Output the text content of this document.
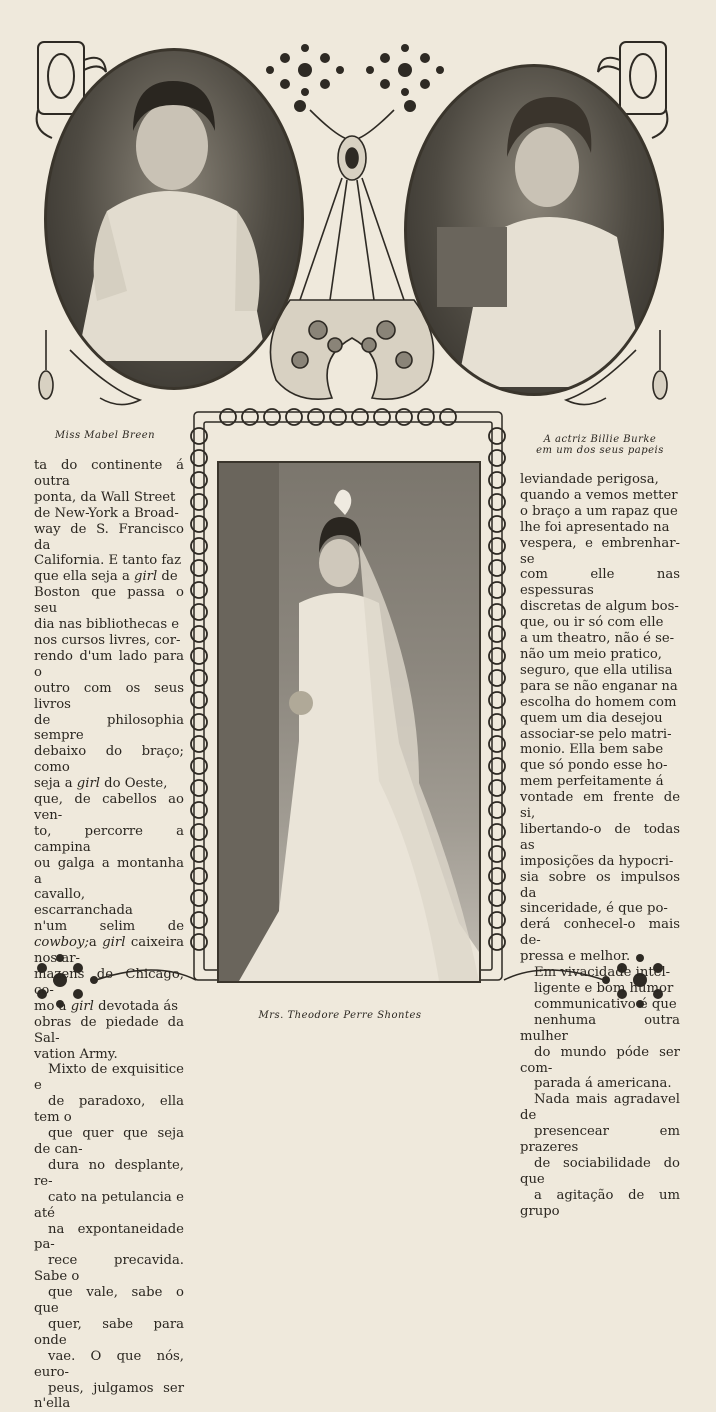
Miss Mabel Breen	A actriz Billie Burke
em um dos seus papeis
Mrs. Theodore Perre Shontes

ta do continente á outra
ponta, da Wall Street
de New-York a Broad-
way de S. Francisco da
California. E tanto faz
que ella seja a girl de
Boston que passa o seu
dia nas bibliothecas e
nos cursos livres, cor-
rendo d'um lado para o
outro com os seus livros
de philosophia sempre
debaixo do braço; como
seja a girl do Oeste,
que, de cabellos ao ven-
to, percorre a campina
ou galga a montanha a
cavallo, escarranchada
n'um selim de cowboy;a girl caixeira nos ar-
mazens de Chicago, co-
mo a girl devotada ás
obras de piedade da Sal-
vation Army.

Mixto de exquisitice e
de paradoxo, ella tem o
que quer que seja de can-
dura no desplante, re-
cato na petulancia e até
na expontaneidade pa-
rece precavida. Sabe o
que vale, sabe o que
quer, sabe para onde
vae. O que nós, euro-
peus, julgamos ser n'ella

leviandade perigosa,
quando a vemos metter
o braço a um rapaz que
lhe foi apresentado na
vespera, e embrenhar-se
com elle nas espessuras
discretas de algum bos-
que, ou ir só com elle
a um theatro, não é se-
não um meio pratico,
seguro, que ella utilisa
para se não enganar na
escolha do homem com
quem um dia desejou
associar-se pelo matri-
monio. Ella bem sabe
que só pondo esse ho-
mem perfeitamente á
vontade em frente de si,
libertando-o de todas as
imposições da hypocri-
sia sobre os impulsos da
sinceridade, é que po-
derá conhecel-o mais de-
pressa e melhor.

Em vivacidade intel-
ligente e bom humor
communicativo é que
nenhuma outra mulher
do mundo póde ser com-
parada á americana.
Nada mais agradavel de
presencear em prazeres
de sociabilidade do que
a agitação de um grupo
